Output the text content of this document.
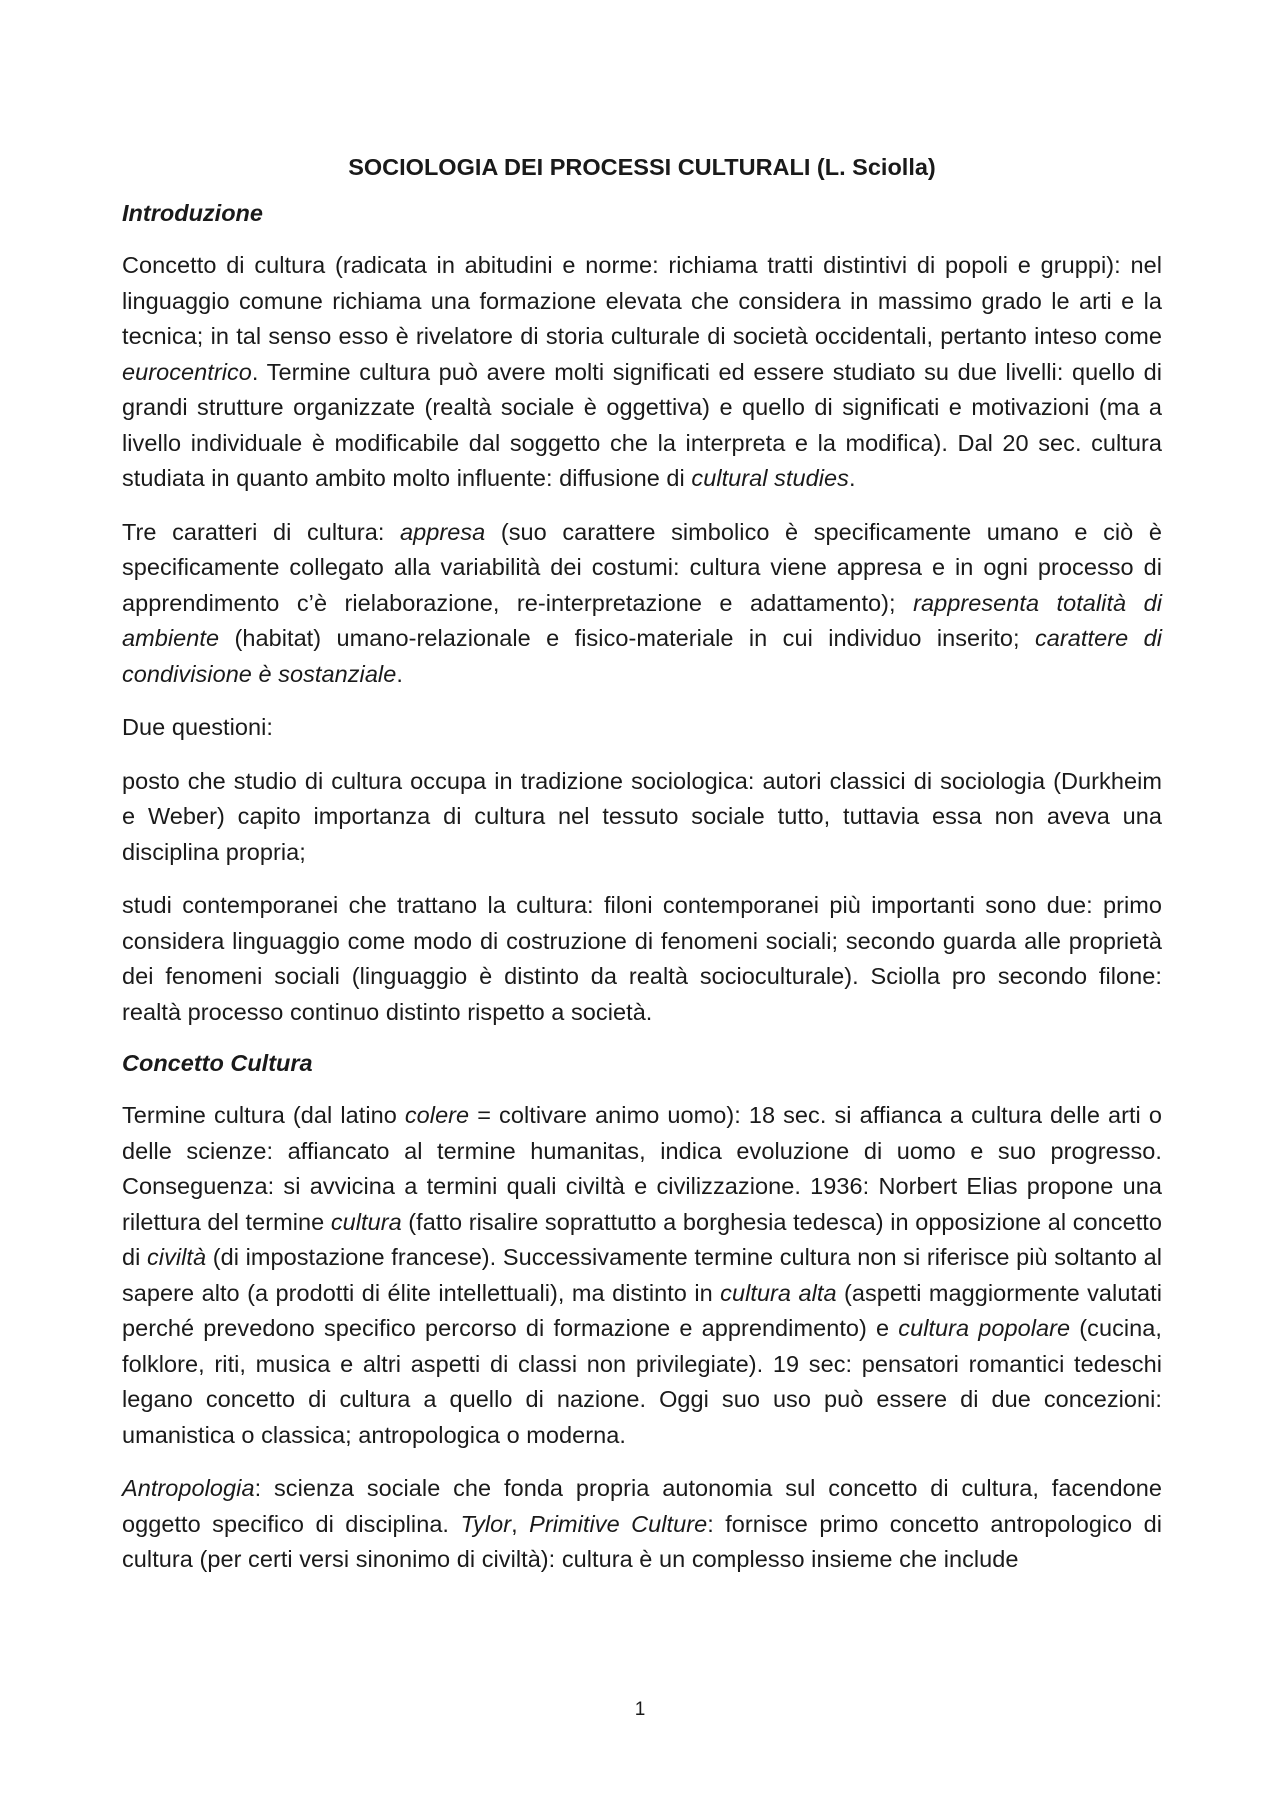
SOCIOLOGIA DEI PROCESSI CULTURALI (L. Sciolla)
Introduzione

Concetto di cultura (radicata in abitudini e norme: richiama tratti distintivi di popoli e gruppi): nel linguaggio comune richiama una formazione elevata che considera in massimo grado le arti e la tecnica; in tal senso esso è rivelatore di storia culturale di società occidentali, pertanto inteso come eurocentrico. Termine cultura può avere molti significati ed essere studiato su due livelli: quello di grandi strutture organizzate (realtà sociale è oggettiva) e quello di significati e motivazioni (ma a livello individuale è modificabile dal soggetto che la interpreta e la modifica). Dal 20 sec. cultura studiata in quanto ambito molto influente: diffusione di cultural studies.

Tre caratteri di cultura: appresa (suo carattere simbolico è specificamente umano e ciò è specificamente collegato alla variabilità dei costumi: cultura viene appresa e in ogni processo di apprendimento c’è rielaborazione, re-interpretazione e adattamento); rappresenta totalità di ambiente (habitat) umano-relazionale e fisico-materiale in cui individuo inserito; carattere di condivisione è sostanziale.

Due questioni:

posto che studio di cultura occupa in tradizione sociologica: autori classici di sociologia (Durkheim e Weber) capito importanza di cultura nel tessuto sociale tutto, tuttavia essa non aveva una disciplina propria;

studi contemporanei che trattano la cultura: filoni contemporanei più importanti sono due: primo considera linguaggio come modo di costruzione di fenomeni sociali; secondo guarda alle proprietà dei fenomeni sociali (linguaggio è distinto da realtà socioculturale). Sciolla pro secondo filone: realtà processo continuo distinto rispetto a società.

Concetto Cultura

Termine cultura (dal latino colere = coltivare animo uomo): 18 sec. si affianca a cultura delle arti o delle scienze: affiancato al termine humanitas, indica evoluzione di uomo e suo progresso. Conseguenza: si avvicina a termini quali civiltà e civilizzazione. 1936: Norbert Elias propone una rilettura del termine cultura (fatto risalire soprattutto a borghesia tedesca) in opposizione al concetto di civiltà (di impostazione francese). Successivamente termine cultura non si riferisce più soltanto al sapere alto (a prodotti di élite intellettuali), ma distinto in cultura alta (aspetti maggiormente valutati perché prevedono specifico percorso di formazione e apprendimento) e cultura popolare (cucina, folklore, riti, musica e altri aspetti di classi non privilegiate). 19 sec: pensatori romantici tedeschi legano concetto di cultura a quello di nazione. Oggi suo uso può essere di due concezioni: umanistica o classica; antropologica o moderna.

Antropologia: scienza sociale che fonda propria autonomia sul concetto di cultura, facendone oggetto specifico di disciplina. Tylor, Primitive Culture: fornisce primo concetto antropologico di cultura (per certi versi sinonimo di civiltà): cultura è un complesso insieme che include

1
